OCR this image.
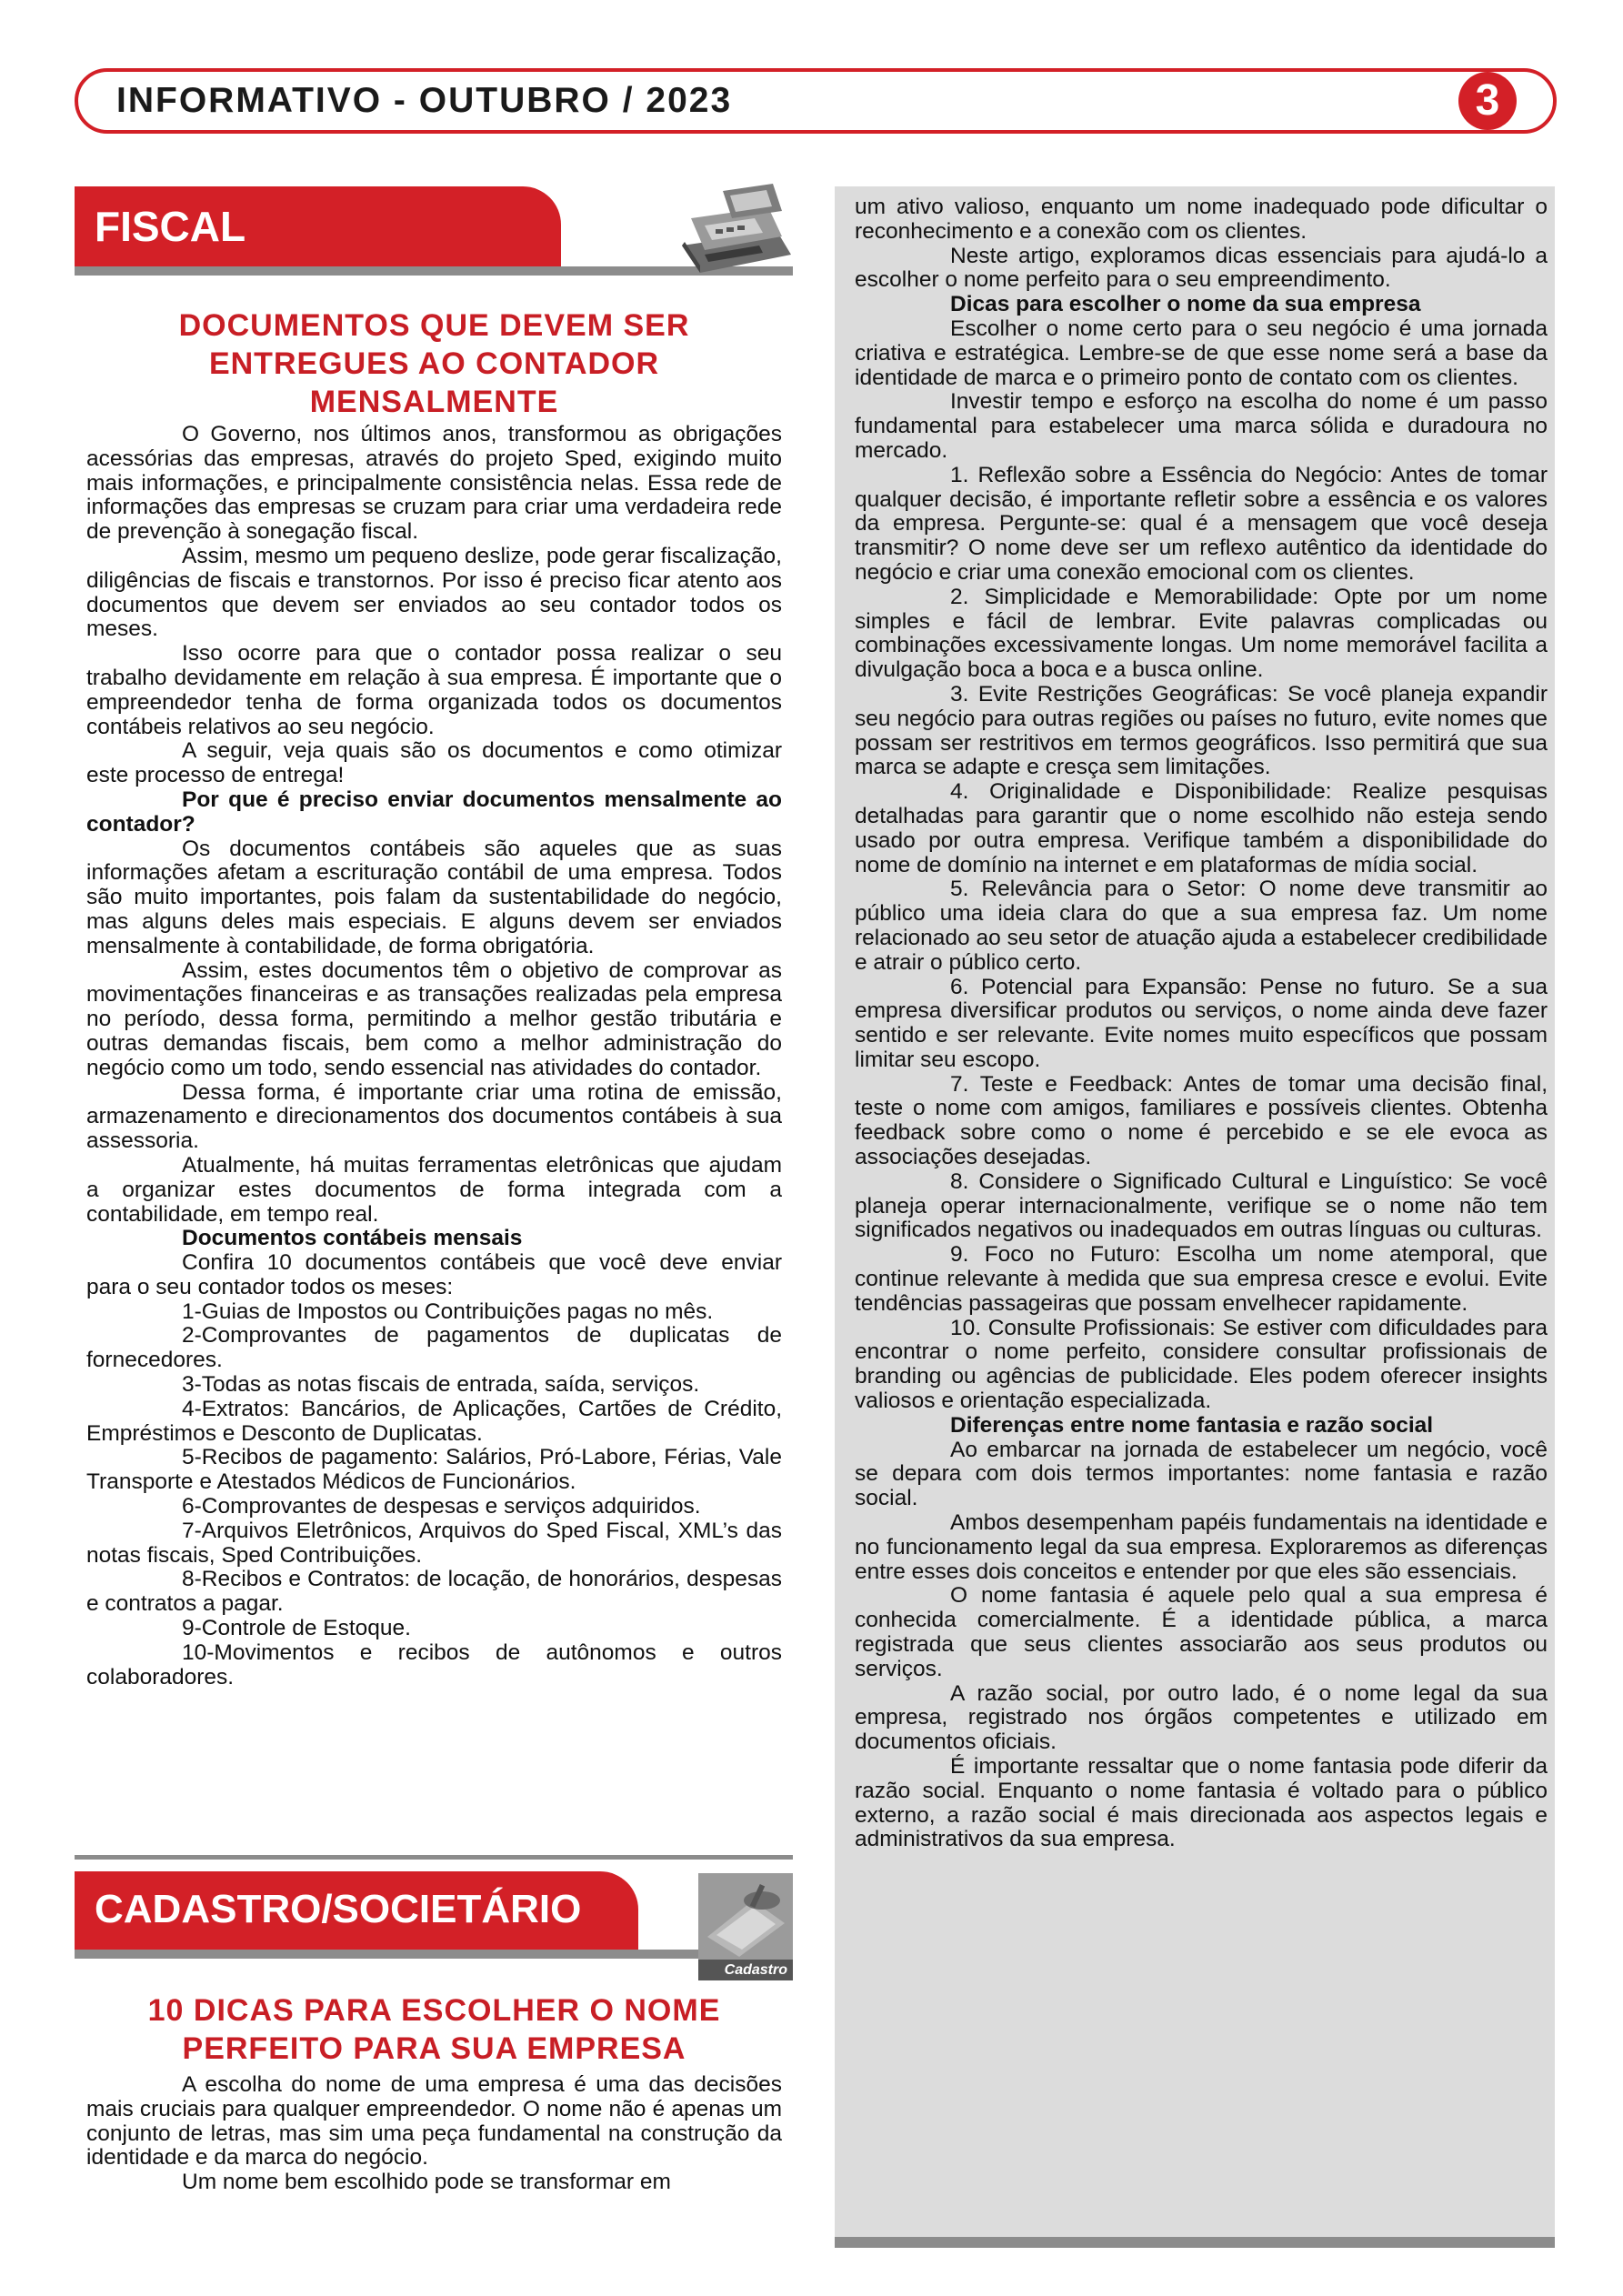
INFORMATIVO - OUTUBRO / 2023	3
FISCAL
DOCUMENTOS QUE DEVEM SER ENTREGUES AO CONTADOR MENSALMENTE

O Governo, nos últimos anos, transformou as obrigações acessórias das empresas, através do projeto Sped, exigindo muito mais informações, e principalmente consistência nelas. Essa rede de informações das empresas se cruzam para criar uma verdadeira rede de prevenção à sonegação fiscal.

Assim, mesmo um pequeno deslize, pode gerar fiscalização, diligências de fiscais e transtornos. Por isso é preciso ficar atento aos documentos que devem ser enviados ao seu contador todos os meses.

Isso ocorre para que o contador possa realizar o seu trabalho devidamente em relação à sua empresa. É importante que o empreendedor tenha de forma organizada todos os documentos contábeis relativos ao seu negócio.

A seguir, veja quais são os documentos e como otimizar este processo de entrega!

Por que é preciso enviar documentos mensalmente ao contador?

Os documentos contábeis são aqueles que as suas informações afetam a escrituração contábil de uma empresa. Todos são muito importantes, pois falam da sustentabilidade do negócio, mas alguns deles mais especiais. E alguns devem ser enviados mensalmente à contabilidade, de forma obrigatória.

Assim, estes documentos têm o objetivo de comprovar as movimentações financeiras e as transações realizadas pela empresa no período, dessa forma, permitindo a melhor gestão tributária e outras demandas fiscais, bem como a melhor administração do negócio como um todo, sendo essencial nas atividades do contador.

Dessa forma, é importante criar uma rotina de emissão, armazenamento e direcionamentos dos documentos contábeis à sua assessoria.

Atualmente, há muitas ferramentas eletrônicas que ajudam a organizar estes documentos de forma integrada com a contabilidade, em tempo real.

Documentos contábeis mensais

Confira 10 documentos contábeis que você deve enviar para o seu contador todos os meses:

1-Guias de Impostos ou Contribuições pagas no mês.

2-Comprovantes de pagamentos de duplicatas de fornecedores.

3-Todas as notas fiscais de entrada, saída, serviços.

4-Extratos: Bancários, de Aplicações, Cartões de Crédito, Empréstimos e Desconto de Duplicatas.

5-Recibos de pagamento: Salários, Pró-Labore, Férias, Vale Transporte e Atestados Médicos de Funcionários.

6-Comprovantes de despesas e serviços adquiridos.

7-Arquivos Eletrônicos, Arquivos do Sped Fiscal, XML’s das notas fiscais, Sped Contribuições.

8-Recibos e Contratos: de locação, de honorários, despesas e contratos a pagar.

9-Controle de Estoque.

10-Movimentos e recibos de autônomos e outros colaboradores.

CADASTRO/SOCIETÁRIO
Cadastro
10 DICAS PARA ESCOLHER O NOME PERFEITO PARA SUA EMPRESA

A escolha do nome de uma empresa é uma das decisões mais cruciais para qualquer empreendedor. O nome não é apenas um conjunto de letras, mas sim uma peça fundamental na construção da identidade e da marca do negócio.

Um nome bem escolhido pode se transformar em

um ativo valioso, enquanto um nome inadequado pode dificultar o reconhecimento e a conexão com os clientes.

Neste artigo, exploramos dicas essenciais para ajudá-lo a escolher o nome perfeito para o seu empreendimento.

Dicas para escolher o nome da sua empresa

Escolher o nome certo para o seu negócio é uma jornada criativa e estratégica. Lembre-se de que esse nome será a base da identidade de marca e o primeiro ponto de contato com os clientes.

Investir tempo e esforço na escolha do nome é um passo fundamental para estabelecer uma marca sólida e duradoura no mercado.

1. Reflexão sobre a Essência do Negócio: Antes de tomar qualquer decisão, é importante refletir sobre a essência e os valores da empresa. Pergunte-se: qual é a mensagem que você deseja transmitir? O nome deve ser um reflexo autêntico da identidade do negócio e criar uma conexão emocional com os clientes.

2. Simplicidade e Memorabilidade: Opte por um nome simples e fácil de lembrar. Evite palavras complicadas ou combinações excessivamente longas. Um nome memorável facilita a divulgação boca a boca e a busca online.

3. Evite Restrições Geográficas: Se você planeja expandir seu negócio para outras regiões ou países no futuro, evite nomes que possam ser restritivos em termos geográficos. Isso permitirá que sua marca se adapte e cresça sem limitações.

4. Originalidade e Disponibilidade: Realize pesquisas detalhadas para garantir que o nome escolhido não esteja sendo usado por outra empresa. Verifique também a disponibilidade do nome de domínio na internet e em plataformas de mídia social.

5. Relevância para o Setor: O nome deve transmitir ao público uma ideia clara do que a sua empresa faz. Um nome relacionado ao seu setor de atuação ajuda a estabelecer credibilidade e atrair o público certo.

6. Potencial para Expansão: Pense no futuro. Se a sua empresa diversificar produtos ou serviços, o nome ainda deve fazer sentido e ser relevante. Evite nomes muito específicos que possam limitar seu escopo.

7. Teste e Feedback: Antes de tomar uma decisão final, teste o nome com amigos, familiares e possíveis clientes. Obtenha feedback sobre como o nome é percebido e se ele evoca as associações desejadas.

8. Considere o Significado Cultural e Linguístico: Se você planeja operar internacionalmente, verifique se o nome não tem significados negativos ou inadequados em outras línguas ou culturas.

9. Foco no Futuro: Escolha um nome atemporal, que continue relevante à medida que sua empresa cresce e evolui. Evite tendências passageiras que possam envelhecer rapidamente.

10. Consulte Profissionais: Se estiver com dificuldades para encontrar o nome perfeito, considere consultar profissionais de branding ou agências de publicidade. Eles podem oferecer insights valiosos e orientação especializada.

Diferenças entre nome fantasia e razão social

Ao embarcar na jornada de estabelecer um negócio, você se depara com dois termos importantes: nome fantasia e razão social.

Ambos desempenham papéis fundamentais na identidade e no funcionamento legal da sua empresa. Exploraremos as diferenças entre esses dois conceitos e entender por que eles são essenciais.

O nome fantasia é aquele pelo qual a sua empresa é conhecida comercialmente. É a identidade pública, a marca registrada que seus clientes associarão aos seus produtos ou serviços.

A razão social, por outro lado, é o nome legal da sua empresa, registrado nos órgãos competentes e utilizado em documentos oficiais.

É importante ressaltar que o nome fantasia pode diferir da razão social. Enquanto o nome fantasia é voltado para o público externo, a razão social é mais direcionada aos aspectos legais e administrativos da sua empresa.
